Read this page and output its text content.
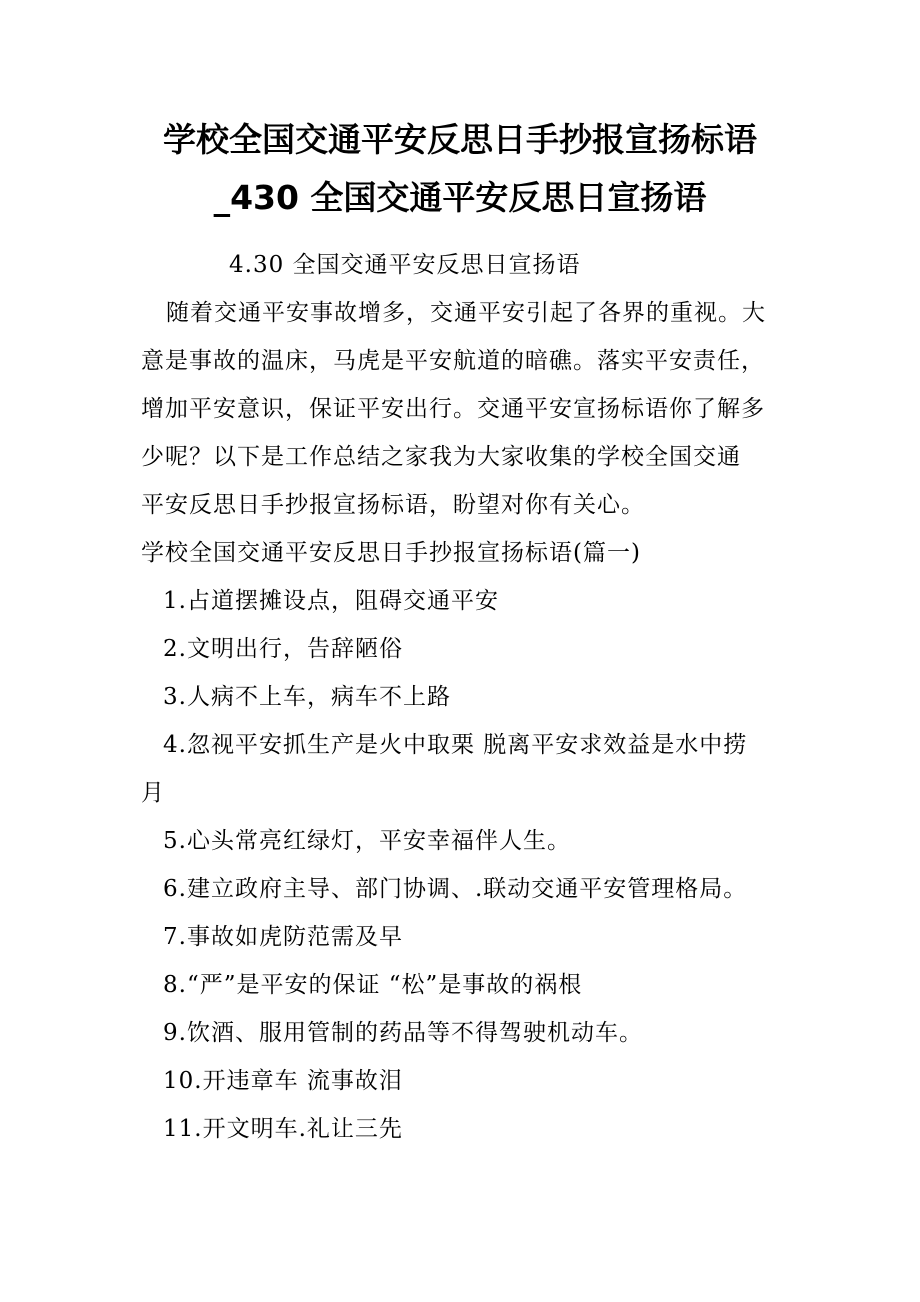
学校全国交通平安反思日手抄报宣扬标语
_430 全国交通平安反思日宣扬语
4.30 全国交通平安反思日宣扬语
随着交通平安事故增多，交通平安引起了各界的重视。大
意是事故的温床，马虎是平安航道的暗礁。落实平安责任，
增加平安意识，保证平安出行。交通平安宣扬标语你了解多
少呢？以下是工作总结之家我为大家收集的学校全国交通
平安反思日手抄报宣扬标语，盼望对你有关心。
学校全国交通平安反思日手抄报宣扬标语(篇一)
1.占道摆摊设点，阻碍交通平安
2.文明出行，告辞陋俗
3.人病不上车，病车不上路
4.忽视平安抓生产是火中取栗 脱离平安求效益是水中捞
月
5.心头常亮红绿灯，平安幸福伴人生。
6.建立政府主导、部门协调、.联动交通平安管理格局。
7.事故如虎防范需及早
8.“严”是平安的保证 “松”是事故的祸根
9.饮酒、服用管制的药品等不得驾驶机动车。
10.开违章车 流事故泪
11.开文明车.礼让三先
